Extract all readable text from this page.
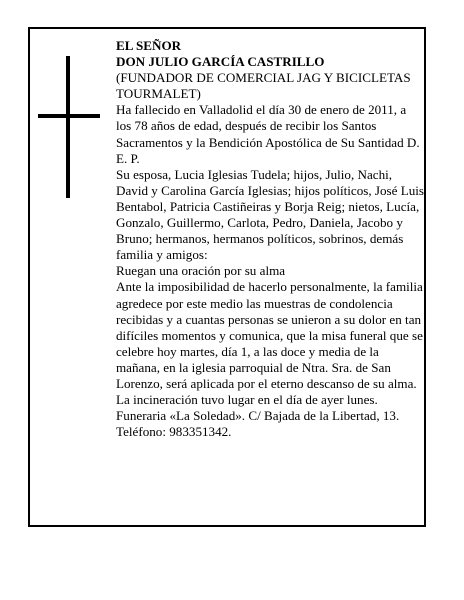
EL SEÑOR

DON JULIO GARCÍA CASTRILLO

(FUNDADOR DE COMERCIAL JAG Y BICICLETAS TOURMALET)

Ha fallecido en Valladolid el día 30 de enero de 2011, a los 78 años de edad, después de recibir los Santos Sacramentos y la Bendición Apostólica de Su Santidad D. E. P.

Su esposa, Lucia Iglesias Tudela; hijos, Julio, Nachi, David y Carolina García Iglesias; hijos políticos, José Luis Bentabol, Patricia Castiñeiras y Borja Reig; nietos, Lucía, Gonzalo, Guillermo, Carlota, Pedro, Daniela, Jacobo y Bruno; hermanos, hermanos políticos, sobrinos, demás familia y amigos:

Ruegan una oración por su alma

Ante la imposibilidad de hacerlo personalmente, la familia agredece por este medio las muestras de condolencia recibidas y a cuantas personas se unieron a su dolor en tan difíciles momentos y comunica, que la misa funeral que se celebre hoy martes, día 1, a las doce y media de la mañana, en la iglesia parroquial de Ntra. Sra. de San Lorenzo, será aplicada por el eterno descanso de su alma.

La incineración tuvo lugar en el día de ayer lunes.

Funeraria «La Soledad». C/ Bajada de la Libertad, 13. Teléfono: 983351342.
